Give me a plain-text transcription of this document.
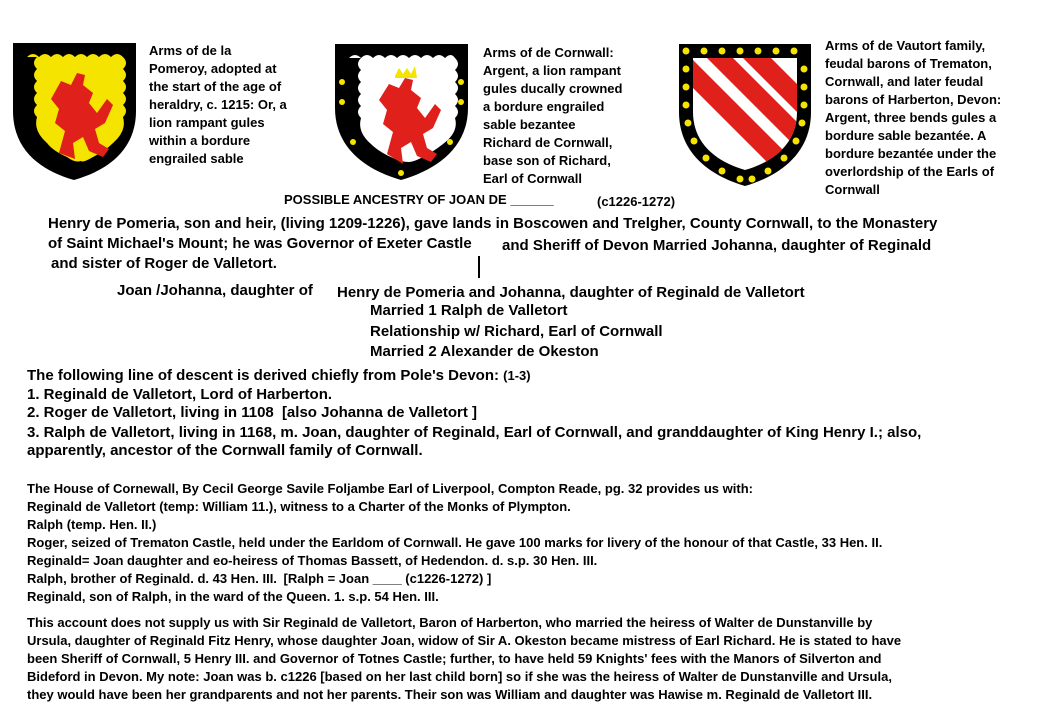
Arms of de la
Pomeroy, adopted at
the start of the age of
heraldry, c. 1215: Or, a
lion rampant gules
within a bordure
engrailed sable
Arms of de Cornwall:
Argent, a lion rampant
gules ducally crowned
a bordure engrailed
sable bezantee
Richard de Cornwall,
base son of Richard,
Earl of Cornwall
Arms of de Vautort family,
feudal barons of Trematon,
Cornwall, and later feudal
barons of Harberton, Devon:
Argent, three bends gules a
bordure sable bezantée. A
bordure bezantée under the
overlordship of the Earls of
Cornwall
POSSIBLE ANCESTRY OF JOAN DE ______	(c1226-1272)
Henry de Pomeria, son and heir, (living 1209-1226), gave lands in Boscowen and Trelgher, County Cornwall, to the Monastery
of Saint Michael's Mount; he was Governor of Exeter Castle and Sheriff of Devon Married Johanna, daughter of Reginald
and sister of Roger de Valletort.
Joan /Johanna, daughter of Henry de Pomeria and Johanna, daughter of Reginald de Valletort
Married 1 Ralph de Valletort
Relationship w/ Richard, Earl of Cornwall
Married 2 Alexander de Okeston
The following line of descent is derived chiefly from Pole's Devon: (1-3)
1. Reginald de Valletort, Lord of Harberton.
2. Roger de Valletort, living in 1108 [also Johanna de Valletort ]
3. Ralph de Valletort, living in 1168, m. Joan, daughter of Reginald, Earl of Cornwall, and granddaughter of King Henry I.; also,
apparently, ancestor of the Cornwall family of Cornwall.
The House of Cornewall, By Cecil George Savile Foljambe Earl of Liverpool, Compton Reade, pg. 32 provides us with:
Reginald de Valletort (temp: William 11.), witness to a Charter of the Monks of Plympton.
Ralph (temp. Hen. II.)
Roger, seized of Trematon Castle, held under the Earldom of Cornwall. He gave 100 marks for livery of the honour of that Castle, 33 Hen. II.
Reginald= Joan daughter and eo-heiress of Thomas Bassett, of Hedendon. d. s.p. 30 Hen. III.
Ralph, brother of Reginald. d. 43 Hen. III. [Ralph = Joan ____ (c1226-1272) ]
Reginald, son of Ralph, in the ward of the Queen. 1. s.p. 54 Hen. III.
This account does not supply us with Sir Reginald de Valletort, Baron of Harberton, who married the heiress of Walter de Dunstanville by
Ursula, daughter of Reginald Fitz Henry, whose daughter Joan, widow of Sir A. Okeston became mistress of Earl Richard. He is stated to have
been Sheriff of Cornwall, 5 Henry III. and Governor of Totnes Castle; further, to have held 59 Knights' fees with the Manors of Silverton and
Bideford in Devon. My note: Joan was b. c1226 [based on her last child born] so if she was the heiress of Walter de Dunstanville and Ursula,
they would have been her grandparents and not her parents. Their son was William and daughter was Hawise m. Reginald de Valletort III.
